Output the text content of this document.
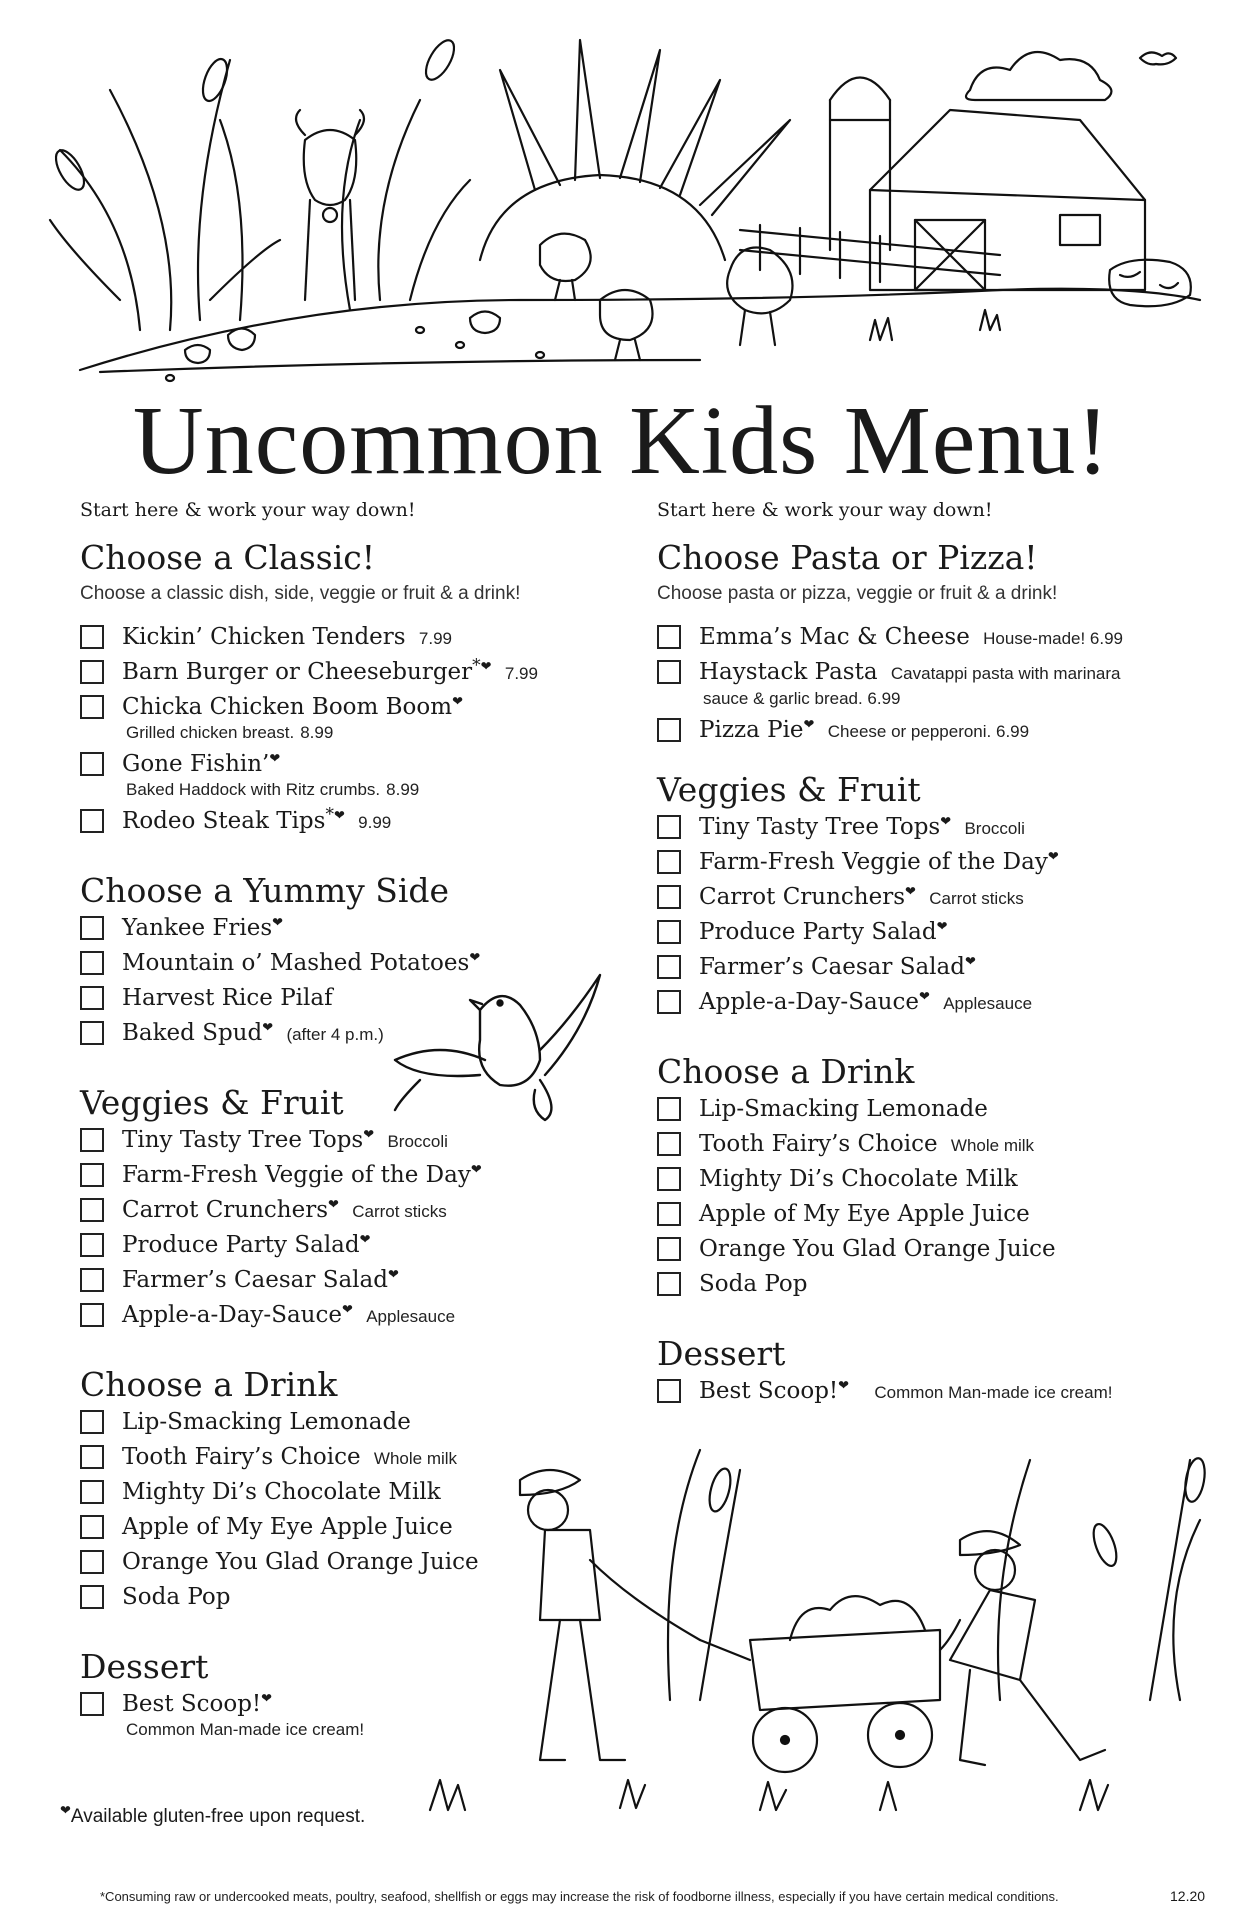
Uncommon Kids Menu!
Start here & work your way down!
Choose a Classic!
Choose a classic dish, side, veggie or fruit & a drink!
Kickin’ Chicken Tenders 7.99
Barn Burger or Cheeseburger*❤ 7.99
Chicka Chicken Boom Boom❤
Grilled chicken breast. 8.99
Gone Fishin’❤
Baked Haddock with Ritz crumbs. 8.99
Rodeo Steak Tips*❤ 9.99
Choose a Yummy Side
Yankee Fries❤
Mountain o’ Mashed Potatoes❤
Harvest Rice Pilaf
Baked Spud❤ (after 4 p.m.)
Veggies & Fruit
Tiny Tasty Tree Tops❤ Broccoli
Farm-Fresh Veggie of the Day❤
Carrot Crunchers❤ Carrot sticks
Produce Party Salad❤
Farmer’s Caesar Salad❤
Apple-a-Day-Sauce❤ Applesauce
Choose a Drink
Lip-Smacking Lemonade
Tooth Fairy’s Choice Whole milk
Mighty Di’s Chocolate Milk
Apple of My Eye Apple Juice
Orange You Glad Orange Juice
Soda Pop
Dessert
Best Scoop!❤
Common Man-made ice cream!
Start here & work your way down!
Choose Pasta or Pizza!
Choose pasta or pizza, veggie or fruit & a drink!
Emma’s Mac & Cheese House-made! 6.99
Haystack Pasta Cavatappi pasta with marinara
sauce & garlic bread. 6.99
Pizza Pie❤ Cheese or pepperoni. 6.99
Veggies & Fruit
Tiny Tasty Tree Tops❤ Broccoli
Farm-Fresh Veggie of the Day❤
Carrot Crunchers❤ Carrot sticks
Produce Party Salad❤
Farmer’s Caesar Salad❤
Apple-a-Day-Sauce❤ Applesauce
Choose a Drink
Lip-Smacking Lemonade
Tooth Fairy’s Choice Whole milk
Mighty Di’s Chocolate Milk
Apple of My Eye Apple Juice
Orange You Glad Orange Juice
Soda Pop
Dessert
Best Scoop!❤ Common Man-made ice cream!
❤Available gluten-free upon request.
*Consuming raw or undercooked meats, poultry, seafood, shellfish or eggs may increase the risk of foodborne illness, especially if you have certain medical conditions.	12.20
